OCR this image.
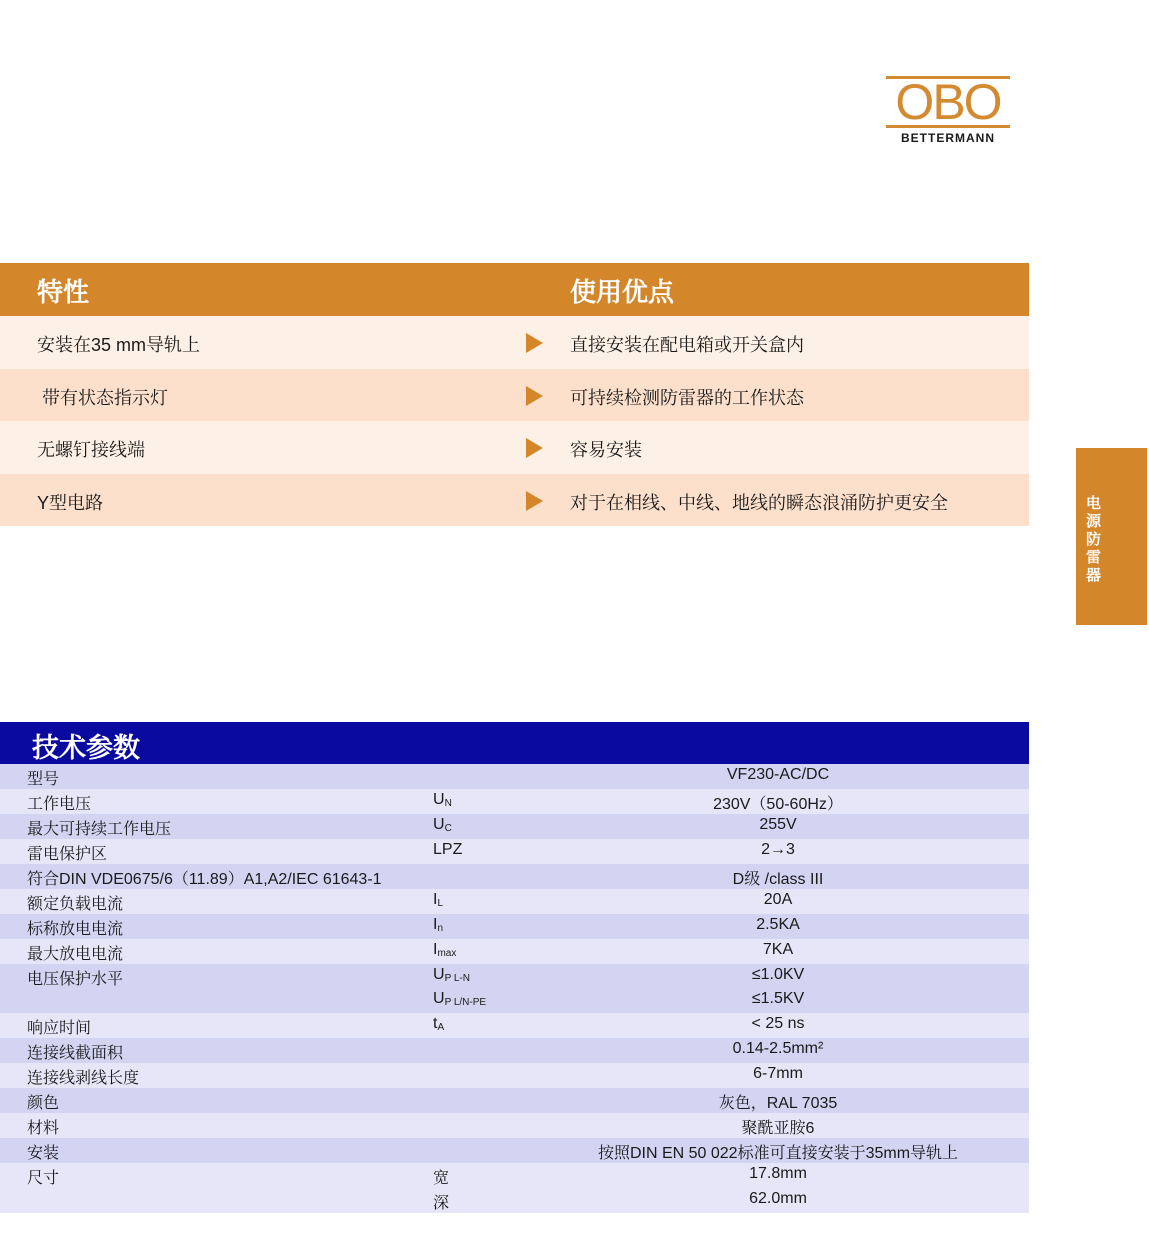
OBO
BETTERMANN
特性	使用优点
安装在35 mm导轨上	直接安装在配电箱或开关盒内
带有状态指示灯	可持续检测防雷器的工作状态
无螺钉接线端	容易安装
Y型电路	对于在相线、中线、地线的瞬态浪涌防护更安全	电源防雷器
技术参数
型号	VF230-AC/DC
工作电压	$U_N$	230V（50-60Hz）
最大可持续工作电压	$U_C$	255V
雷电保护区	LPZ	2→3
符合DIN VDE0675/6（11.89）A1,A2/IEC 61643-1	D级 /class III
额定负载电流	$I_L$	20A
标称放电电流	$I_n$	2.5KA
最大放电电流	$I_{max}$	7KA
电压保护水平	$U_{P L-N}$	≤1.0KV
$U_{P L/N-PE}$	≤1.5KV
响应时间	$t_A$	< 25 ns
连接线截面积	0.14-2.5mm²
连接线剥线长度	6-7mm
颜色	灰色，RAL 7035
材料	聚酰亚胺6
安装	按照DIN EN 50 022标准可直接安装于35mm导轨上
尺寸	宽	17.8mm
深	62.0mm
